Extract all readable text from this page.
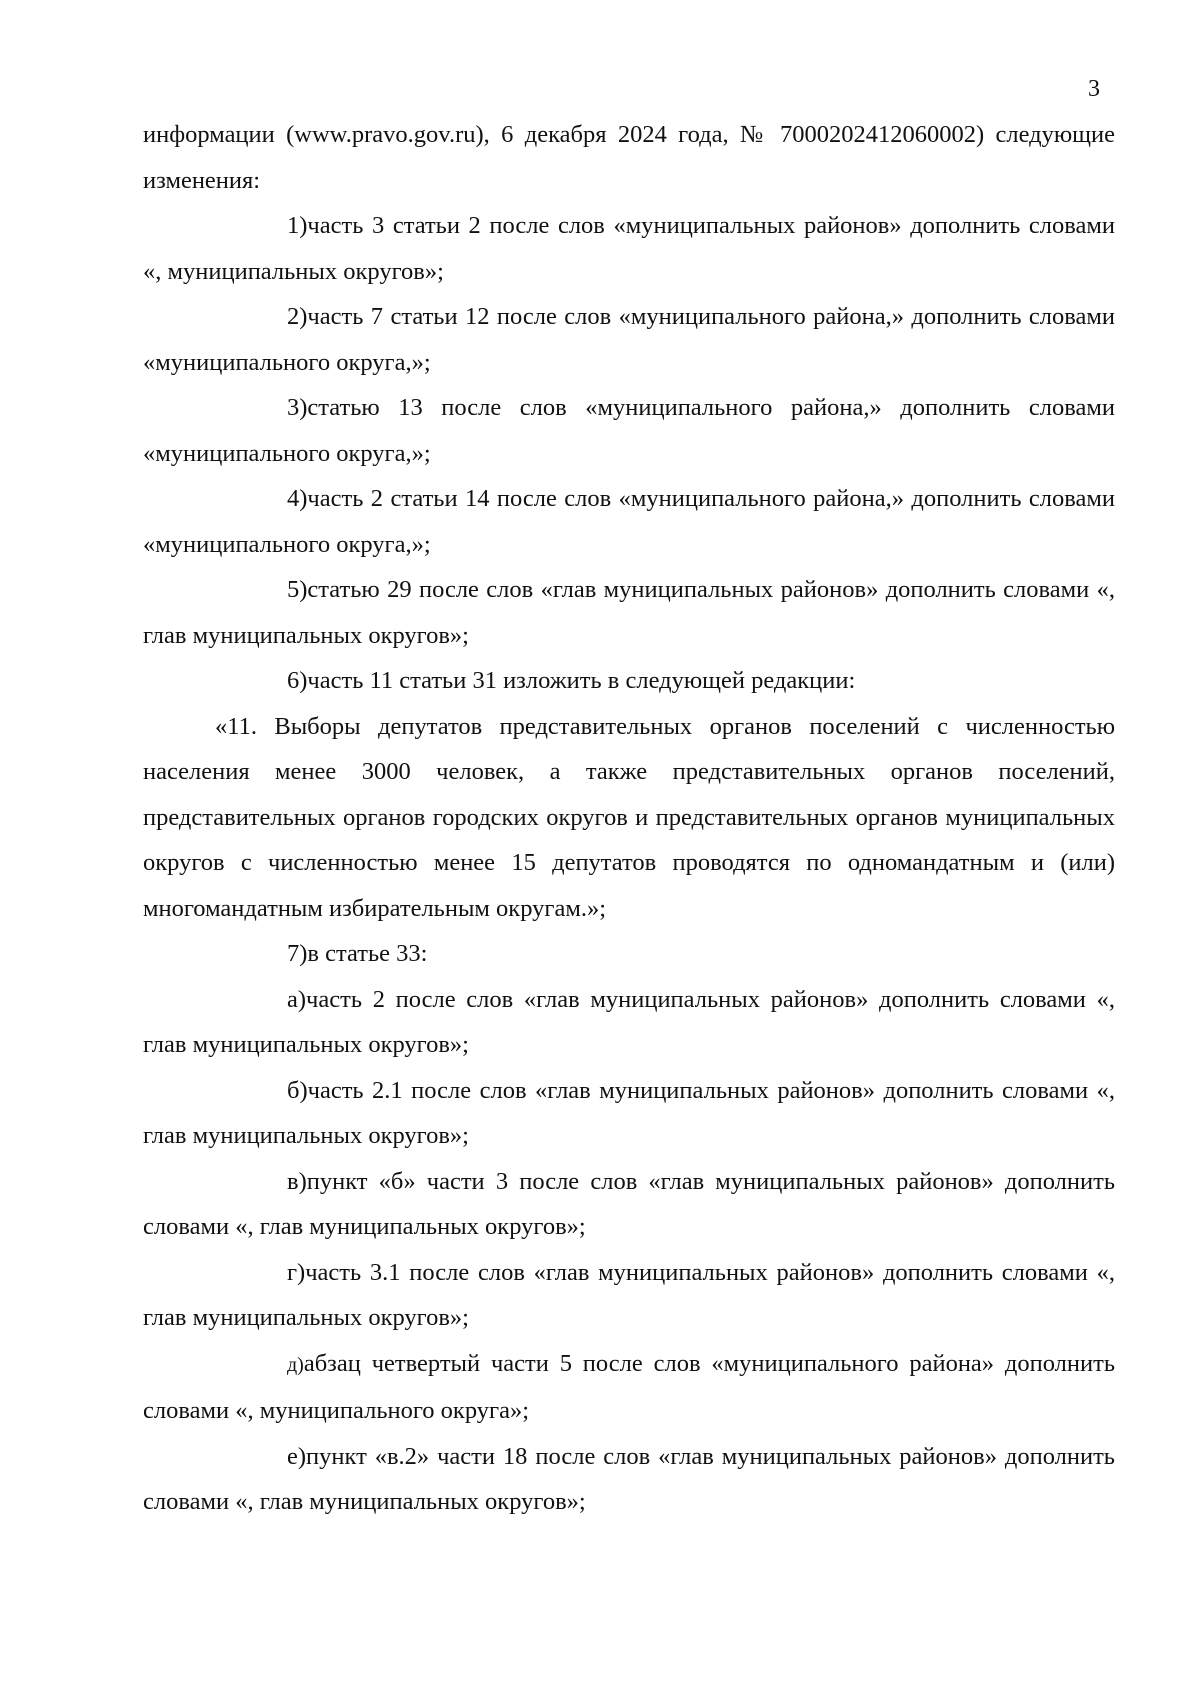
3

информации (www.pravo.gov.ru), 6 декабря 2024 года, № 7000202412060002) следующие изменения:

1)часть 3 статьи 2 после слов «муниципальных районов» дополнить словами «, муниципальных округов»;

2)часть 7 статьи 12 после слов «муниципального района,» дополнить словами «муниципального округа,»;

3)статью 13 после слов «муниципального района,» дополнить словами «муниципального округа,»;

4)часть 2 статьи 14 после слов «муниципального района,» дополнить словами «муниципального округа,»;

5)статью 29 после слов «глав муниципальных районов» дополнить словами «, глав муниципальных округов»;

6)часть 11 статьи 31 изложить в следующей редакции:

«11. Выборы депутатов представительных органов поселений с численностью населения менее 3000 человек, а также представительных органов поселений, представительных органов городских округов и представительных органов муниципальных округов с численностью менее 15 депутатов проводятся по одномандатным и (или) многомандатным избирательным округам.»;

7)в статье 33:

а)часть 2 после слов «глав муниципальных районов» дополнить словами «, глав муниципальных округов»;

б)часть 2.1 после слов «глав муниципальных районов» дополнить словами «, глав муниципальных округов»;

в)пункт «б» части 3 после слов «глав муниципальных районов» дополнить словами «, глав муниципальных округов»;

г)часть 3.1 после слов «глав муниципальных районов» дополнить словами «, глав муниципальных округов»;

д)абзац четвертый части 5 после слов «муниципального района» дополнить словами «, муниципального округа»;

е)пункт «в.2» части 18 после слов «глав муниципальных районов» дополнить словами «, глав муниципальных округов»;
